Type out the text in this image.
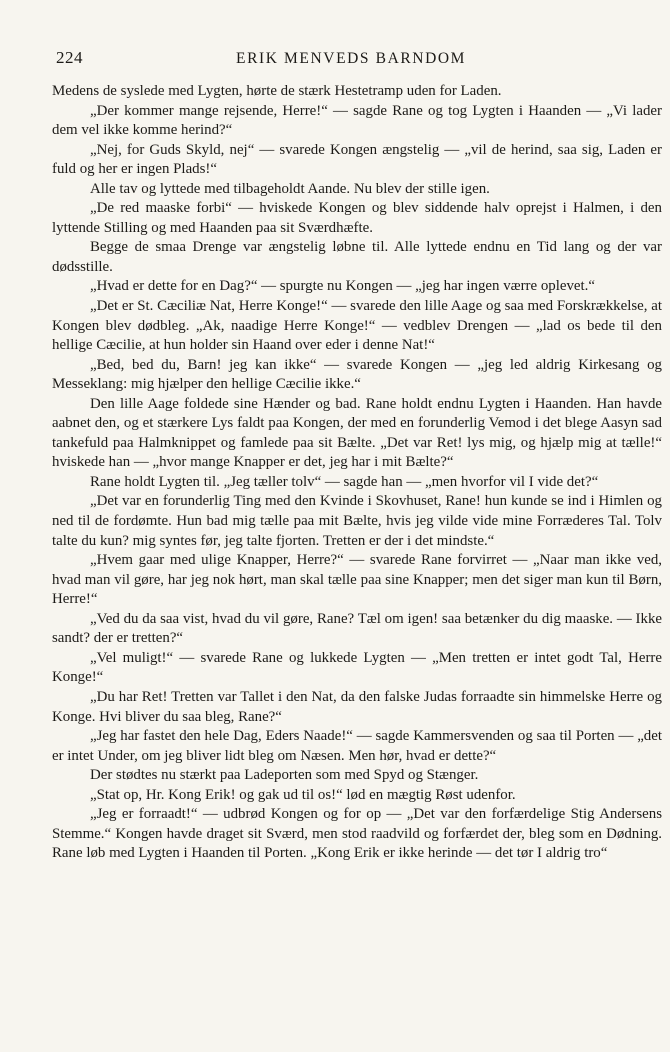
224	ERIK MENVEDS BARNDOM

Medens de syslede med Lygten, hørte de stærk Hestetramp uden for Laden.

„Der kommer mange rejsende, Herre!“ — sagde Rane og tog Lygten i Haanden — „Vi lader dem vel ikke komme herind?“

„Nej, for Guds Skyld, nej“ — svarede Kongen ængstelig — „vil de herind, saa sig, Laden er fuld og her er ingen Plads!“

Alle tav og lyttede med tilbageholdt Aande. Nu blev der stille igen.

„De red maaske forbi“ — hviskede Kongen og blev siddende halv oprejst i Halmen, i den lyttende Stilling og med Haanden paa sit Sværdhæfte.

Begge de smaa Drenge var ængstelig løbne til. Alle lyttede endnu en Tid lang og der var dødsstille.

„Hvad er dette for en Dag?“ — spurgte nu Kongen — „jeg har ingen værre oplevet.“

„Det er St. Cæciliæ Nat, Herre Konge!“ — svarede den lille Aage og saa med Forskrækkelse, at Kongen blev dødbleg. „Ak, naadige Herre Konge!“ — vedblev Drengen — „lad os bede til den hellige Cæcilie, at hun holder sin Haand over eder i denne Nat!“

„Bed, bed du, Barn! jeg kan ikke“ — svarede Kongen — „jeg led aldrig Kirkesang og Messeklang: mig hjælper den hellige Cæcilie ikke.“

Den lille Aage foldede sine Hænder og bad. Rane holdt endnu Lygten i Haanden. Han havde aabnet den, og et stærkere Lys faldt paa Kongen, der med en forunderlig Vemod i det blege Aasyn sad tankefuld paa Halmknippet og famlede paa sit Bælte. „Det var Ret! lys mig, og hjælp mig at tælle!“ hviskede han — „hvor mange Knapper er det, jeg har i mit Bælte?“

Rane holdt Lygten til. „Jeg tæller tolv“ — sagde han — „men hvorfor vil I vide det?“

„Det var en forunderlig Ting med den Kvinde i Skovhuset, Rane! hun kunde se ind i Himlen og ned til de fordømte. Hun bad mig tælle paa mit Bælte, hvis jeg vilde vide mine Forræderes Tal. Tolv talte du kun? mig syntes før, jeg talte fjorten. Tretten er der i det mindste.“

„Hvem gaar med ulige Knapper, Herre?“ — svarede Rane forvirret — „Naar man ikke ved, hvad man vil gøre, har jeg nok hørt, man skal tælle paa sine Knapper; men det siger man kun til Børn, Herre!“

„Ved du da saa vist, hvad du vil gøre, Rane? Tæl om igen! saa betænker du dig maaske. — Ikke sandt? der er tretten?“

„Vel muligt!“ — svarede Rane og lukkede Lygten — „Men tretten er intet godt Tal, Herre Konge!“

„Du har Ret! Tretten var Tallet i den Nat, da den falske Judas forraadte sin himmelske Herre og Konge. Hvi bliver du saa bleg, Rane?“

„Jeg har fastet den hele Dag, Eders Naade!“ — sagde Kammersvenden og saa til Porten — „det er intet Under, om jeg bliver lidt bleg om Næsen. Men hør, hvad er dette?“

Der stødtes nu stærkt paa Ladeporten som med Spyd og Stænger.

„Stat op, Hr. Kong Erik! og gak ud til os!“ lød en mægtig Røst udenfor.

„Jeg er forraadt!“ — udbrød Kongen og for op — „Det var den forfærdelige Stig Andersens Stemme.“ Kongen havde draget sit Sværd, men stod raadvild og forfærdet der, bleg som en Dødning. Rane løb med Lygten i Haanden til Porten. „Kong Erik er ikke herinde — det tør I aldrig tro“
